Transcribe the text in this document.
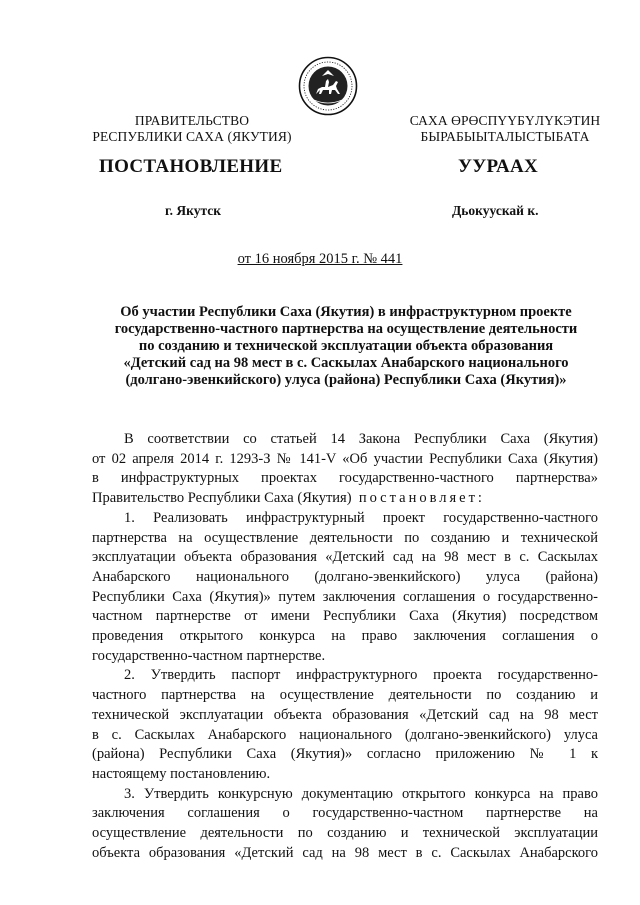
ПРАВИТЕЛЬСТВО
РЕСПУБЛИКИ САХА (ЯКУТИЯ)
САХА ӨРӨСПҮҮБҮЛҮКЭТИН
БЫРАБЫЫТАЛЫСТЫБАТА
ПОСТАНОВЛЕНИЕ	УУРААХ
г. Якутск	Дьокуускай к.
от 16 ноября 2015 г. № 441
Об участии Республики Саха (Якутия) в инфраструктурном проекте
государственно-частного партнерства на осуществление деятельности
по созданию и технической эксплуатации объекта образования
«Детский сад на 98 мест в с. Саскылах Анабарского национального
(долгано-эвенкийского) улуса (района) Республики Саха (Якутия)»
В соответствии со статьей 14 Закона Республики Саха (Якутия)
от 02 апреля 2014 г. 1293-З № 141-V «Об участии Республики Саха (Якутия)
в инфраструктурных проектах государственно-частного партнерства»
Правительство Республики Саха (Якутия) постановляет:
1. Реализовать инфраструктурный проект государственно-частного
партнерства на осуществление деятельности по созданию и технической
эксплуатации объекта образования «Детский сад на 98 мест в с. Саскылах
Анабарского национального (долгано-эвенкийского) улуса (района)
Республики Саха (Якутия)» путем заключения соглашения о государственно-
частном партнерстве от имени Республики Саха (Якутия) посредством
проведения открытого конкурса на право заключения соглашения о
государственно-частном партнерстве.
2. Утвердить паспорт инфраструктурного проекта государственно-
частного партнерства на осуществление деятельности по созданию и
технической эксплуатации объекта образования «Детский сад на 98 мест
в с. Саскылах Анабарского национального (долгано-эвенкийского) улуса
(района) Республики Саха (Якутия)» согласно приложению № 1 к
настоящему постановлению.
3. Утвердить конкурсную документацию открытого конкурса на право
заключения соглашения о государственно-частном партнерстве на
осуществление деятельности по созданию и технической эксплуатации
объекта образования «Детский сад на 98 мест в с. Саскылах Анабарского
